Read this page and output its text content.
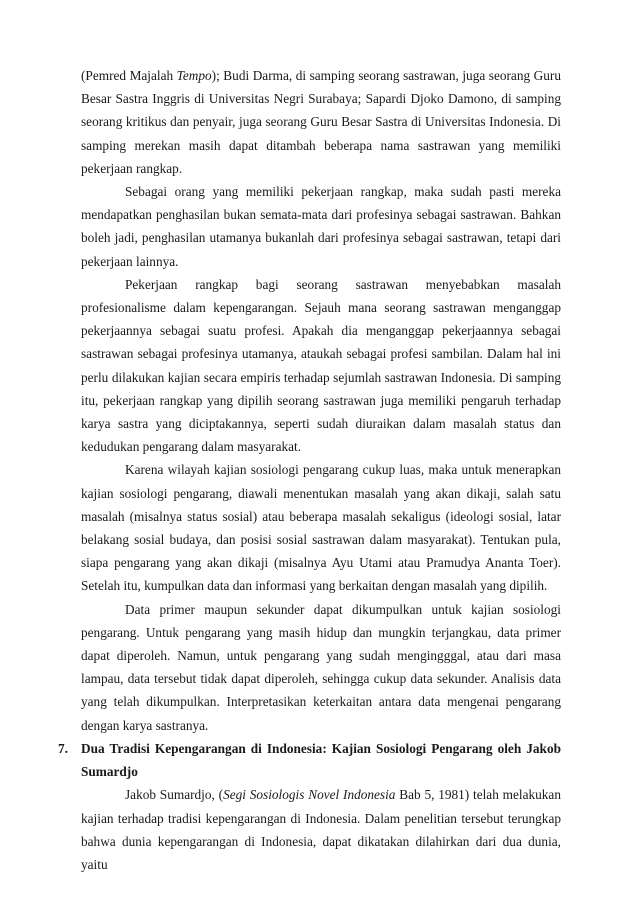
(Pemred Majalah Tempo); Budi Darma, di samping seorang sastrawan, juga seorang Guru Besar Sastra Inggris di Universitas Negri Surabaya; Sapardi Djoko Damono, di samping seorang kritikus dan penyair, juga seorang Guru Besar Sastra di Universitas Indonesia. Di samping merekan masih dapat ditambah beberapa nama sastrawan yang memiliki pekerjaan rangkap.

Sebagai orang yang memiliki pekerjaan rangkap, maka sudah pasti mereka mendapatkan penghasilan bukan semata-mata dari profesinya sebagai sastrawan. Bahkan boleh jadi, penghasilan utamanya bukanlah dari profesinya sebagai sastrawan, tetapi dari pekerjaan lainnya.

Pekerjaan rangkap bagi seorang sastrawan menyebabkan masalah profesionalisme dalam kepengarangan. Sejauh mana seorang sastrawan menganggap pekerjaannya sebagai suatu profesi. Apakah dia menganggap pekerjaannya sebagai sastrawan sebagai profesinya utamanya, ataukah sebagai profesi sambilan. Dalam hal ini perlu dilakukan kajian secara empiris terhadap sejumlah sastrawan Indonesia. Di samping itu, pekerjaan rangkap yang dipilih seorang sastrawan juga memiliki pengaruh terhadap karya sastra yang diciptakannya, seperti sudah diuraikan dalam masalah status dan kedudukan pengarang dalam masyarakat.

Karena wilayah kajian sosiologi pengarang cukup luas, maka untuk menerapkan kajian sosiologi pengarang, diawali menentukan masalah yang akan dikaji, salah satu masalah (misalnya status sosial) atau beberapa masalah sekaligus (ideologi sosial, latar belakang sosial budaya, dan posisi sosial sastrawan dalam masyarakat). Tentukan pula, siapa pengarang yang akan dikaji (misalnya Ayu Utami atau Pramudya Ananta Toer). Setelah itu, kumpulkan data dan informasi yang berkaitan dengan masalah yang dipilih.

Data primer maupun sekunder dapat dikumpulkan untuk kajian sosiologi pengarang. Untuk pengarang yang masih hidup dan mungkin terjangkau, data primer dapat diperoleh. Namun, untuk pengarang yang sudah mengingggal, atau dari masa lampau, data tersebut tidak dapat diperoleh, sehingga cukup data sekunder. Analisis data yang telah dikumpulkan. Interpretasikan keterkaitan antara data mengenai pengarang dengan karya sastranya.

7. Dua Tradisi Kepengarangan di Indonesia: Kajian Sosiologi Pengarang oleh Jakob Sumardjo

Jakob Sumardjo, (Segi Sosiologis Novel Indonesia Bab 5, 1981) telah melakukan kajian terhadap tradisi kepengarangan di Indonesia. Dalam penelitian tersebut terungkap bahwa dunia kepengarangan di Indonesia, dapat dikatakan dilahirkan dari dua dunia, yaitu
